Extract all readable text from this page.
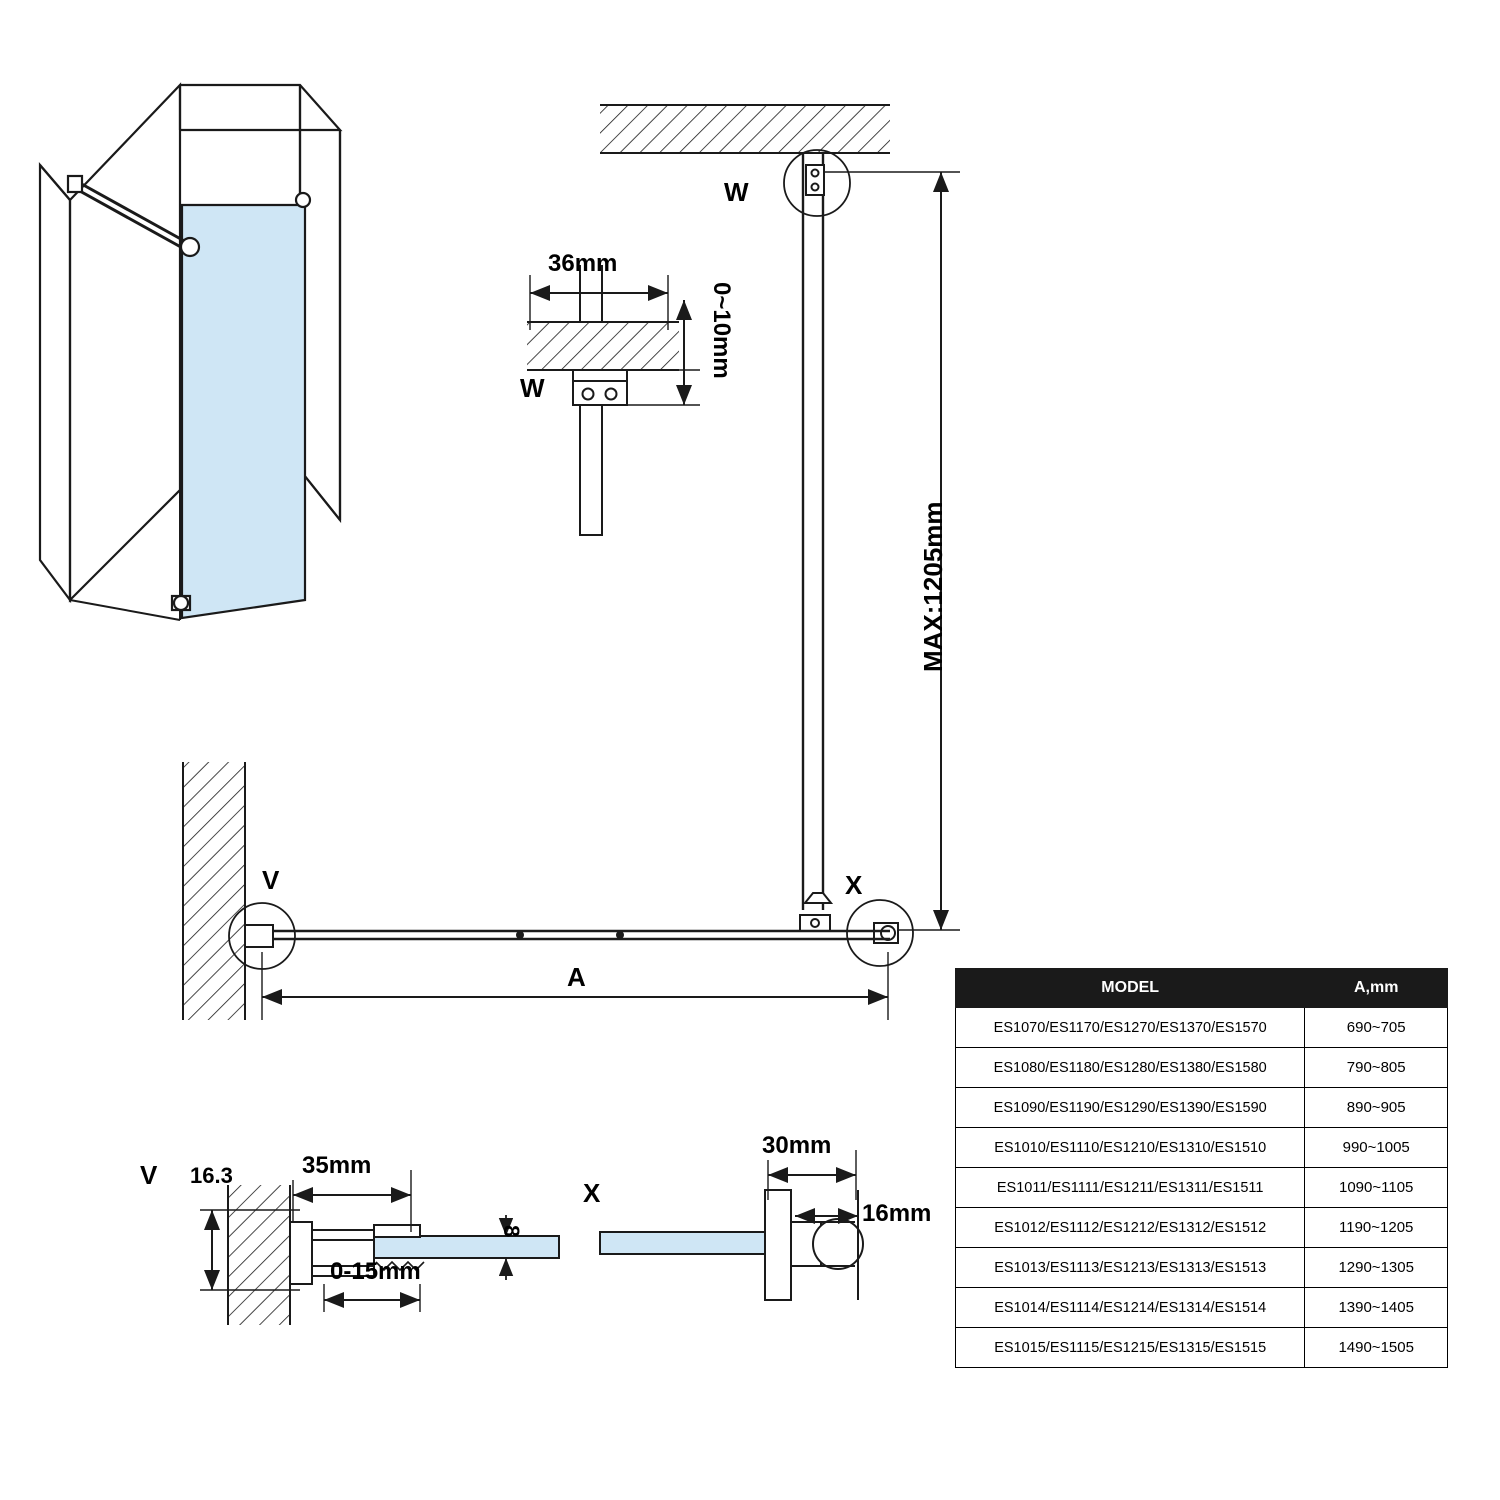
W
W
36mm
0~10mm
MAX:1205mm
V	X
A
V 16.3	35mm
8
0-15mm
X
30mm
16mm
MODEL	A,mm
ES1070/ES1170/ES1270/ES1370/ES1570	690~705
ES1080/ES1180/ES1280/ES1380/ES1580	790~805
ES1090/ES1190/ES1290/ES1390/ES1590	890~905
ES1010/ES1110/ES1210/ES1310/ES1510	990~1005
ES1011/ES1111/ES1211/ES1311/ES1511	1090~1105
ES1012/ES1112/ES1212/ES1312/ES1512	1190~1205
ES1013/ES1113/ES1213/ES1313/ES1513	1290~1305
ES1014/ES1114/ES1214/ES1314/ES1514	1390~1405
ES1015/ES1115/ES1215/ES1315/ES1515	1490~1505
